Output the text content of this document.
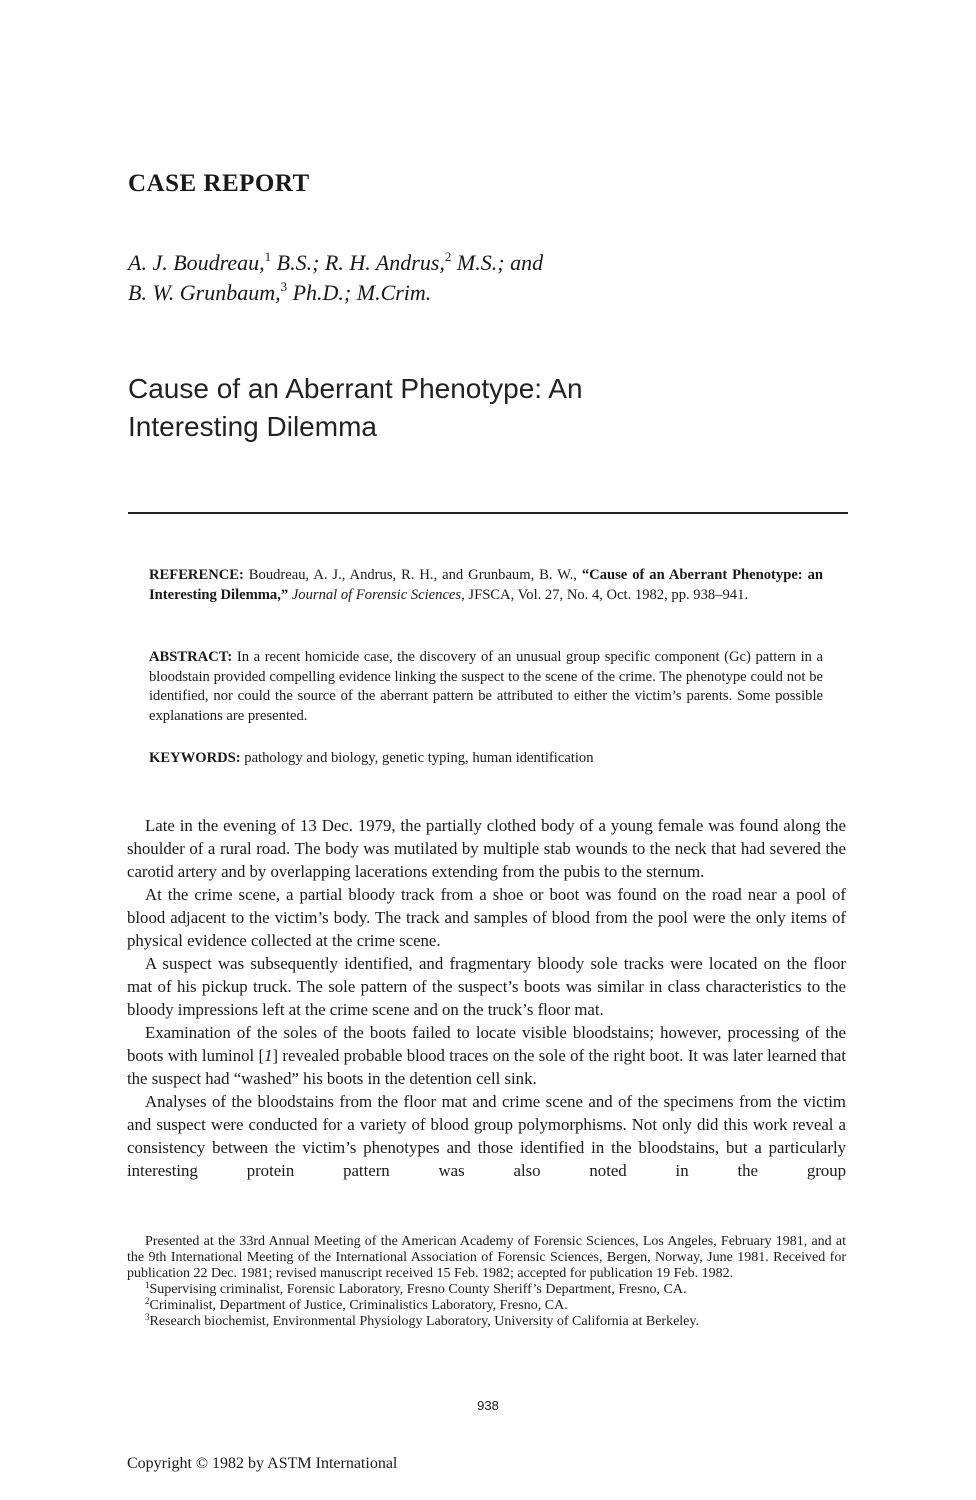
CASE REPORT
A. J. Boudreau,$^1$ B.S.; R. H. Andrus,$^2$ M.S.; and
B. W. Grunbaum,$^3$ Ph.D.; M.Crim.
Cause of an Aberrant Phenotype: An
Interesting Dilemma
REFERENCE: Boudreau, A. J., Andrus, R. H., and Grunbaum, B. W., “Cause of an Aberrant Phenotype: an Interesting Dilemma,” Journal of Forensic Sciences, JFSCA, Vol. 27, No. 4, Oct. 1982, pp. 938–941.
ABSTRACT: In a recent homicide case, the discovery of an unusual group specific component (Gc) pattern in a bloodstain provided compelling evidence linking the suspect to the scene of the crime. The phenotype could not be identified, nor could the source of the aberrant pattern be attributed to either the victim’s parents. Some possible explanations are presented.
KEYWORDS: pathology and biology, genetic typing, human identification

Late in the evening of 13 Dec. 1979, the partially clothed body of a young female was found along the shoulder of a rural road. The body was mutilated by multiple stab wounds to the neck that had severed the carotid artery and by overlapping lacerations extending from the pubis to the sternum.

At the crime scene, a partial bloody track from a shoe or boot was found on the road near a pool of blood adjacent to the victim’s body. The track and samples of blood from the pool were the only items of physical evidence collected at the crime scene.

A suspect was subsequently identified, and fragmentary bloody sole tracks were located on the floor mat of his pickup truck. The sole pattern of the suspect’s boots was similar in class characteristics to the bloody impressions left at the crime scene and on the truck’s floor mat.

Examination of the soles of the boots failed to locate visible bloodstains; however, processing of the boots with luminol [1] revealed probable blood traces on the sole of the right boot. It was later learned that the suspect had “washed” his boots in the detention cell sink.

Analyses of the bloodstains from the floor mat and crime scene and of the specimens from the victim and suspect were conducted for a variety of blood group polymorphisms. Not only did this work reveal a consistency between the victim’s phenotypes and those identified in the bloodstains, but a particularly interesting protein pattern was also noted in the group

Presented at the 33rd Annual Meeting of the American Academy of Forensic Sciences, Los Angeles, February 1981, and at the 9th International Meeting of the International Association of Forensic Sciences, Bergen, Norway, June 1981. Received for publication 22 Dec. 1981; revised manuscript received 15 Feb. 1982; accepted for publication 19 Feb. 1982.

$^1$Supervising criminalist, Forensic Laboratory, Fresno County Sheriff’s Department, Fresno, CA.

$^2$Criminalist, Department of Justice, Criminalistics Laboratory, Fresno, CA.

$^3$Research biochemist, Environmental Physiology Laboratory, University of California at Berkeley.

938
Copyright © 1982 by ASTM International
